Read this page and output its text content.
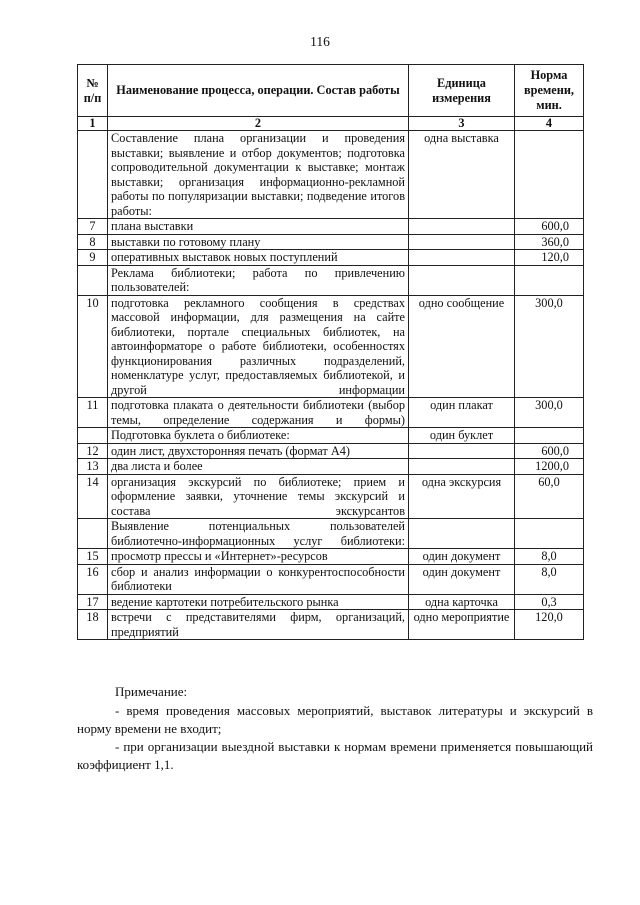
116
№ п/п	Наименование процесса, операции. Состав работы	Единица измерения	Норма времени, мин.
1	2	3	4
	Составление плана организации и проведения выставки; выявление и отбор документов; подготовка сопроводительной документации к выставке; монтаж выставки; организация информационно-рекламной работы по популяризации выставки; подведение итогов работы:	одна выставка	
7	плана выставки		600,0
8	выставки по готовому плану		360,0
9	оперативных выставок новых поступлений		120,0
	Реклама библиотеки; работа по привлечению пользователей:		
10	подготовка рекламного сообщения в средствах массовой информации, для размещения на сайте библиотеки, портале специальных библиотек, на автоинформаторе о работе библиотеки, особенностях функционирования различных подразделений, номенклатуре услуг, предоставляемых библиотекой, и другой информации	одно сообщение	300,0
11	подготовка плаката о деятельности библиотеки (выбор темы, определение содержания и формы)	один плакат	300,0
	Подготовка буклета о библиотеке:	один буклет	
12	один лист, двухсторонняя печать (формат А4)		600,0
13	два листа и более		1200,0
14	организация экскурсий по библиотеке; прием и оформление заявки, уточнение темы экскурсий и состава экскурсантов	одна экскурсия	60,0
	Выявление потенциальных пользователей библиотечно-информационных услуг библиотеки:		
15	просмотр прессы и «Интернет»-ресурсов	один документ	8,0
16	сбор и анализ информации о конкурентоспособности библиотеки	один документ	8,0
17	ведение картотеки потребительского рынка	одна карточка	0,3
18	встречи с представителями фирм, организаций, предприятий	одно мероприятие	120,0

Примечание:

- время проведения массовых мероприятий, выставок литературы и экскурсий в норму времени не входит;

- при организации выездной выставки к нормам времени применяется повышающий коэффициент 1,1.
